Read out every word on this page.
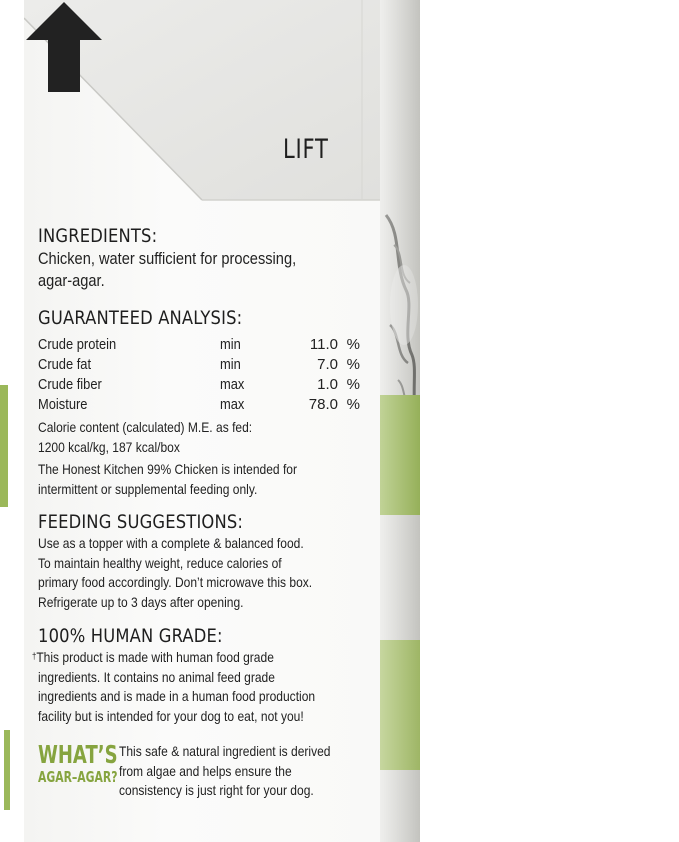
LIFT

INGREDIENTS:

Chicken, water sufficient for processing,

agar-agar.

GUARANTEED ANALYSIS:

Crude protein	min	11.0	%
Crude fat	min	7.0	%
Crude fiber	max	1.0	%
Moisture	max	78.0	%

Calorie content (calculated) M.E. as fed:

1200 kcal/kg, 187 kcal/box

The Honest Kitchen 99% Chicken is intended for

intermittent or supplemental feeding only.

FEEDING SUGGESTIONS:

Use as a topper with a complete & balanced food.

To maintain healthy weight, reduce calories of

primary food accordingly. Don’t microwave this box.

Refrigerate up to 3 days after opening.

100% HUMAN GRADE:

†This product is made with human food grade

ingredients. It contains no animal feed grade

ingredients and is made in a human food production

facility but is intended for your dog to eat, not you!

WHAT’S
AGAR–AGAR?
This safe & natural ingredient is derived
from algae and helps ensure the
consistency is just right for your dog.
